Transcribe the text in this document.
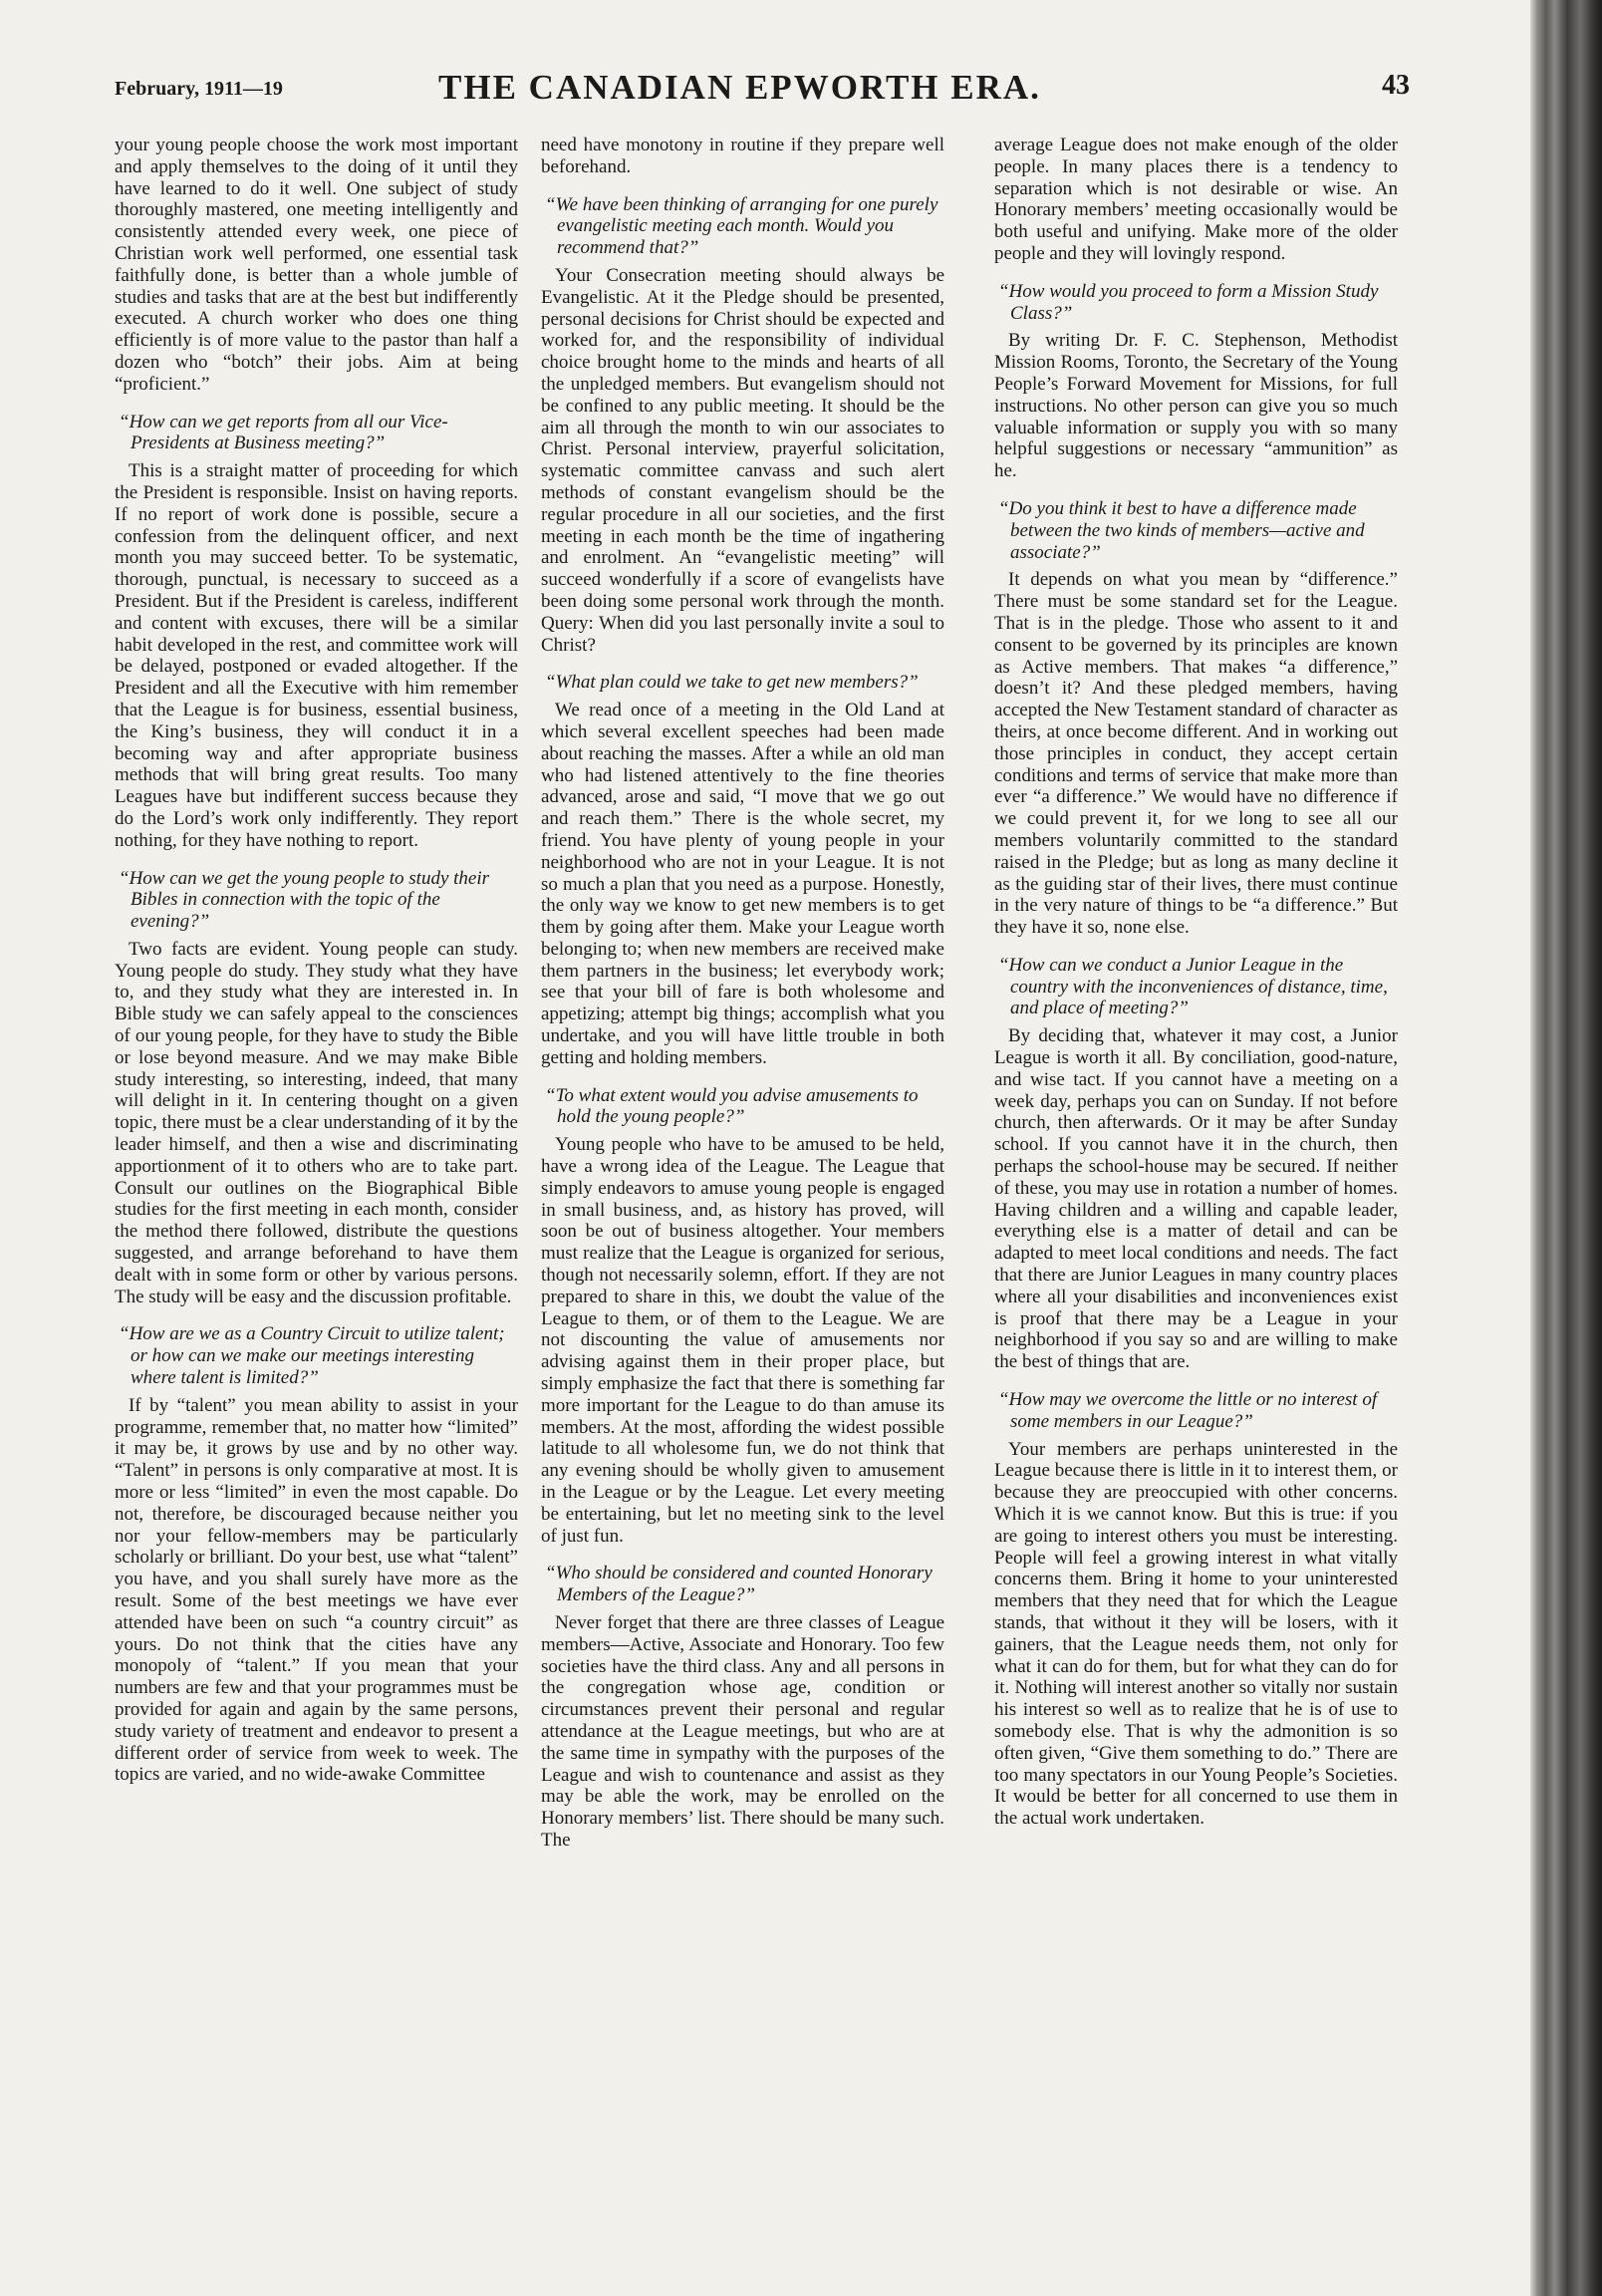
February, 1911—19	THE CANADIAN EPWORTH ERA.	43

your young people choose the work most important and apply themselves to the doing of it until they have learned to do it well. One subject of study thoroughly mastered, one meeting intelligently and consistently attended every week, one piece of Christian work well performed, one essential task faithfully done, is better than a whole jumble of studies and tasks that are at the best but indifferently executed. A church worker who does one thing efficiently is of more value to the pastor than half a dozen who “botch” their jobs. Aim at being “proficient.”

“How can we get reports from all our Vice-Presidents at Business meeting?”

This is a straight matter of proceeding for which the President is responsible. Insist on having reports. If no report of work done is possible, secure a confession from the delinquent officer, and next month you may succeed better. To be systematic, thorough, punctual, is necessary to succeed as a President. But if the President is careless, indifferent and content with excuses, there will be a similar habit developed in the rest, and committee work will be delayed, postponed or evaded altogether. If the President and all the Executive with him remember that the League is for business, essential business, the King’s business, they will conduct it in a becoming way and after appropriate business methods that will bring great results. Too many Leagues have but indifferent success because they do the Lord’s work only indifferently. They report nothing, for they have nothing to report.

“How can we get the young people to study their Bibles in connection with the topic of the evening?”

Two facts are evident. Young people can study. Young people do study. They study what they have to, and they study what they are interested in. In Bible study we can safely appeal to the consciences of our young people, for they have to study the Bible or lose beyond measure. And we may make Bible study interesting, so interesting, indeed, that many will delight in it. In centering thought on a given topic, there must be a clear understanding of it by the leader himself, and then a wise and discriminating apportionment of it to others who are to take part. Consult our outlines on the Biographical Bible studies for the first meeting in each month, consider the method there followed, distribute the questions suggested, and arrange beforehand to have them dealt with in some form or other by various persons. The study will be easy and the discussion profitable.

“How are we as a Country Circuit to utilize talent; or how can we make our meetings interesting where talent is limited?”

If by “talent” you mean ability to assist in your programme, remember that, no matter how “limited” it may be, it grows by use and by no other way. “Talent” in persons is only comparative at most. It is more or less “limited” in even the most capable. Do not, therefore, be discouraged because neither you nor your fellow-members may be particularly scholarly or brilliant. Do your best, use what “talent” you have, and you shall surely have more as the result. Some of the best meetings we have ever attended have been on such “a country circuit” as yours. Do not think that the cities have any monopoly of “talent.” If you mean that your numbers are few and that your programmes must be provided for again and again by the same persons, study variety of treatment and endeavor to present a different order of service from week to week. The topics are varied, and no wide-awake Committee

need have monotony in routine if they prepare well beforehand.

“We have been thinking of arranging for one purely evangelistic meeting each month. Would you recommend that?”

Your Consecration meeting should always be Evangelistic. At it the Pledge should be presented, personal decisions for Christ should be expected and worked for, and the responsibility of individual choice brought home to the minds and hearts of all the unpledged members. But evangelism should not be confined to any public meeting. It should be the aim all through the month to win our associates to Christ. Personal interview, prayerful solicitation, systematic committee canvass and such alert methods of constant evangelism should be the regular procedure in all our societies, and the first meeting in each month be the time of ingathering and enrolment. An “evangelistic meeting” will succeed wonderfully if a score of evangelists have been doing some personal work through the month. Query: When did you last personally invite a soul to Christ?

“What plan could we take to get new members?”

We read once of a meeting in the Old Land at which several excellent speeches had been made about reaching the masses. After a while an old man who had listened attentively to the fine theories advanced, arose and said, “I move that we go out and reach them.” There is the whole secret, my friend. You have plenty of young people in your neighborhood who are not in your League. It is not so much a plan that you need as a purpose. Honestly, the only way we know to get new members is to get them by going after them. Make your League worth belonging to; when new members are received make them partners in the business; let everybody work; see that your bill of fare is both wholesome and appetizing; attempt big things; accomplish what you undertake, and you will have little trouble in both getting and holding members.

“To what extent would you advise amusements to hold the young people?”

Young people who have to be amused to be held, have a wrong idea of the League. The League that simply endeavors to amuse young people is engaged in small business, and, as history has proved, will soon be out of business altogether. Your members must realize that the League is organized for serious, though not necessarily solemn, effort. If they are not prepared to share in this, we doubt the value of the League to them, or of them to the League. We are not discounting the value of amusements nor advising against them in their proper place, but simply emphasize the fact that there is something far more important for the League to do than amuse its members. At the most, affording the widest possible latitude to all wholesome fun, we do not think that any evening should be wholly given to amusement in the League or by the League. Let every meeting be entertaining, but let no meeting sink to the level of just fun.

“Who should be considered and counted Honorary Members of the League?”

Never forget that there are three classes of League members—Active, Associate and Honorary. Too few societies have the third class. Any and all persons in the congregation whose age, condition or circumstances prevent their personal and regular attendance at the League meetings, but who are at the same time in sympathy with the purposes of the League and wish to countenance and assist as they may be able the work, may be enrolled on the Honorary members’ list. There should be many such. The

average League does not make enough of the older people. In many places there is a tendency to separation which is not desirable or wise. An Honorary members’ meeting occasionally would be both useful and unifying. Make more of the older people and they will lovingly respond.

“How would you proceed to form a Mission Study Class?”

By writing Dr. F. C. Stephenson, Methodist Mission Rooms, Toronto, the Secretary of the Young People’s Forward Movement for Missions, for full instructions. No other person can give you so much valuable information or supply you with so many helpful suggestions or necessary “ammunition” as he.

“Do you think it best to have a difference made between the two kinds of members—active and associate?”

It depends on what you mean by “difference.” There must be some standard set for the League. That is in the pledge. Those who assent to it and consent to be governed by its principles are known as Active members. That makes “a difference,” doesn’t it? And these pledged members, having accepted the New Testament standard of character as theirs, at once become different. And in working out those principles in conduct, they accept certain conditions and terms of service that make more than ever “a difference.” We would have no difference if we could prevent it, for we long to see all our members voluntarily committed to the standard raised in the Pledge; but as long as many decline it as the guiding star of their lives, there must continue in the very nature of things to be “a difference.” But they have it so, none else.

“How can we conduct a Junior League in the country with the inconveniences of distance, time, and place of meeting?”

By deciding that, whatever it may cost, a Junior League is worth it all. By conciliation, good-nature, and wise tact. If you cannot have a meeting on a week day, perhaps you can on Sunday. If not before church, then afterwards. Or it may be after Sunday school. If you cannot have it in the church, then perhaps the school-house may be secured. If neither of these, you may use in rotation a number of homes. Having children and a willing and capable leader, everything else is a matter of detail and can be adapted to meet local conditions and needs. The fact that there are Junior Leagues in many country places where all your disabilities and inconveniences exist is proof that there may be a League in your neighborhood if you say so and are willing to make the best of things that are.

“How may we overcome the little or no interest of some members in our League?”

Your members are perhaps uninterested in the League because there is little in it to interest them, or because they are preoccupied with other concerns. Which it is we cannot know. But this is true: if you are going to interest others you must be interesting. People will feel a growing interest in what vitally concerns them. Bring it home to your uninterested members that they need that for which the League stands, that without it they will be losers, with it gainers, that the League needs them, not only for what it can do for them, but for what they can do for it. Nothing will interest another so vitally nor sustain his interest so well as to realize that he is of use to somebody else. That is why the admonition is so often given, “Give them something to do.” There are too many spectators in our Young People’s Societies. It would be better for all concerned to use them in the actual work undertaken.
